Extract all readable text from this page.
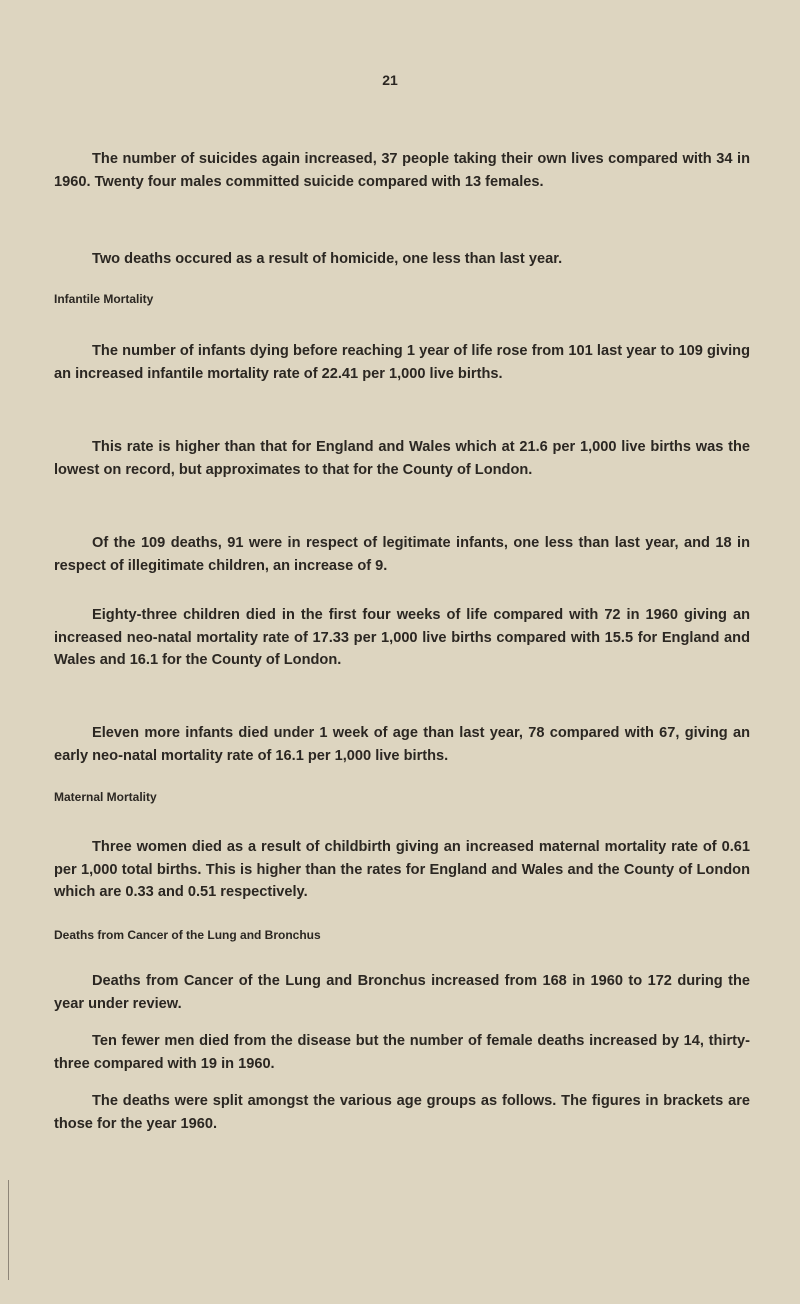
21

The number of suicides again increased, 37 people taking their own lives compared with 34 in 1960. Twenty four males committed suicide compared with 13 females.

Two deaths occured as a result of homicide, one less than last year.

Infantile Mortality

The number of infants dying before reaching 1 year of life rose from 101 last year to 109 giving an increased infantile mortality rate of 22.41 per 1,000 live births.

This rate is higher than that for England and Wales which at 21.6 per 1,000 live births was the lowest on record, but approximates to that for the County of London.

Of the 109 deaths, 91 were in respect of legitimate infants, one less than last year, and 18 in respect of illegitimate children, an increase of 9.

Eighty-three children died in the first four weeks of life compared with 72 in 1960 giving an increased neo-natal mortality rate of 17.33 per 1,000 live births compared with 15.5 for England and Wales and 16.1 for the County of London.

Eleven more infants died under 1 week of age than last year, 78 compared with 67, giving an early neo-natal mortality rate of 16.1 per 1,000 live births.

Maternal Mortality

Three women died as a result of childbirth giving an increased maternal mortality rate of 0.61 per 1,000 total births. This is higher than the rates for England and Wales and the County of London which are 0.33 and 0.51 respectively.

Deaths from Cancer of the Lung and Bronchus

Deaths from Cancer of the Lung and Bronchus increased from 168 in 1960 to 172 during the year under review.

Ten fewer men died from the disease but the number of female deaths increased by 14, thirty-three compared with 19 in 1960.

The deaths were split amongst the various age groups as follows. The figures in brackets are those for the year 1960.
